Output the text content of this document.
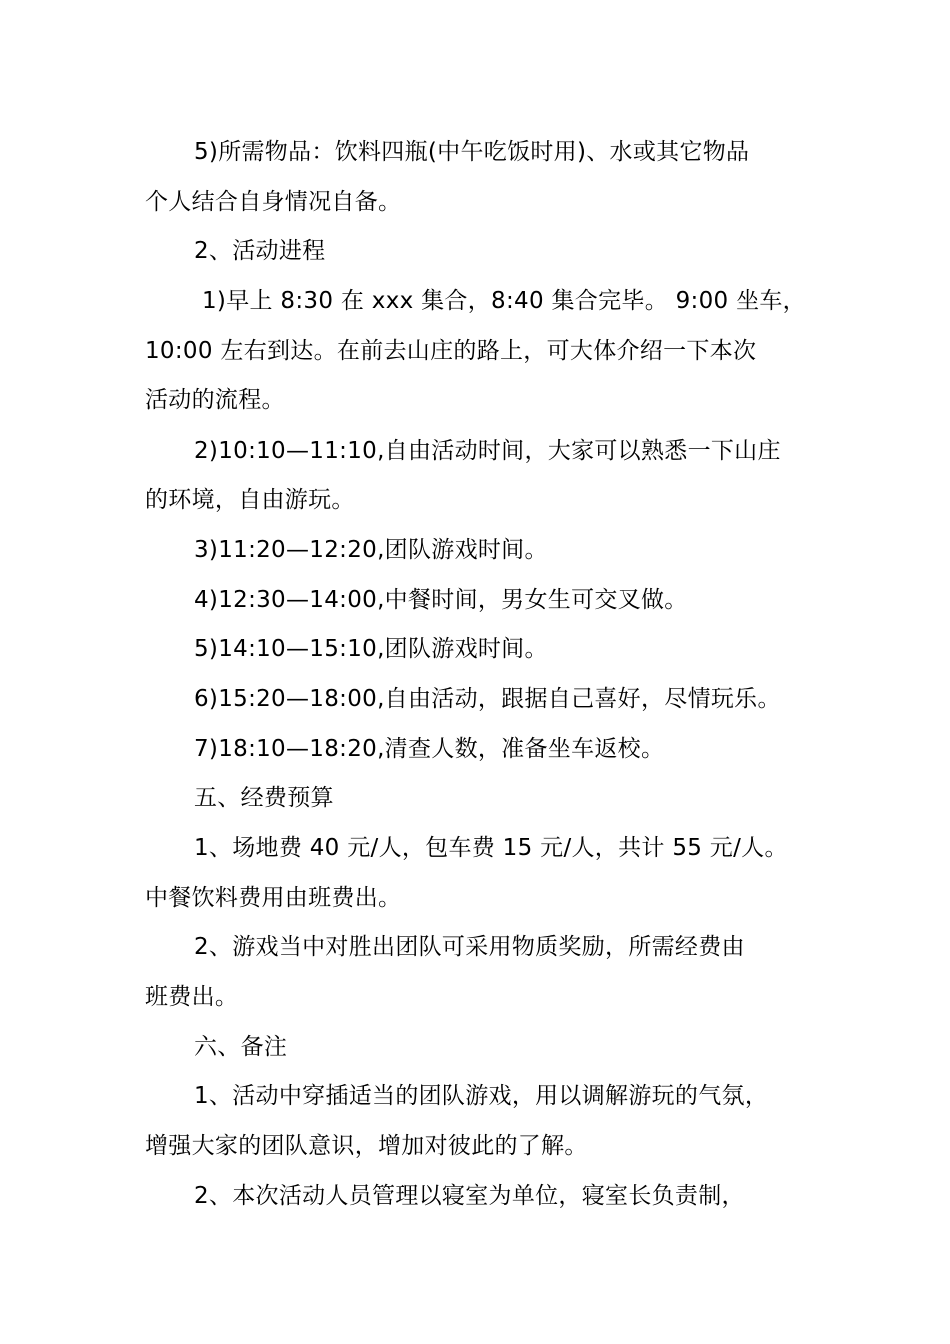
5)所需物品：饮料四瓶(中午吃饭时用)、水或其它物品
个人结合自身情况自备。
2、活动进程
1)早上 8:30 在 xxx 集合，8:40 集合完毕。 9:00 坐车，
10:00 左右到达。在前去山庄的路上，可大体介绍一下本次
活动的流程。
2)10:10—11:10,自由活动时间，大家可以熟悉一下山庄
的环境，自由游玩。
3)11:20—12:20,团队游戏时间。
4)12:30—14:00,中餐时间，男女生可交叉做。
5)14:10—15:10,团队游戏时间。
6)15:20—18:00,自由活动，跟据自己喜好，尽情玩乐。
7)18:10—18:20,清查人数，准备坐车返校。
五、经费预算
1、场地费 40 元/人，包车费 15 元/人，共计 55 元/人。
中餐饮料费用由班费出。
2、游戏当中对胜出团队可采用物质奖励，所需经费由
班费出。
六、备注
1、活动中穿插适当的团队游戏，用以调解游玩的气氛，
增强大家的团队意识，增加对彼此的了解。
2、本次活动人员管理以寝室为单位，寝室长负责制，
